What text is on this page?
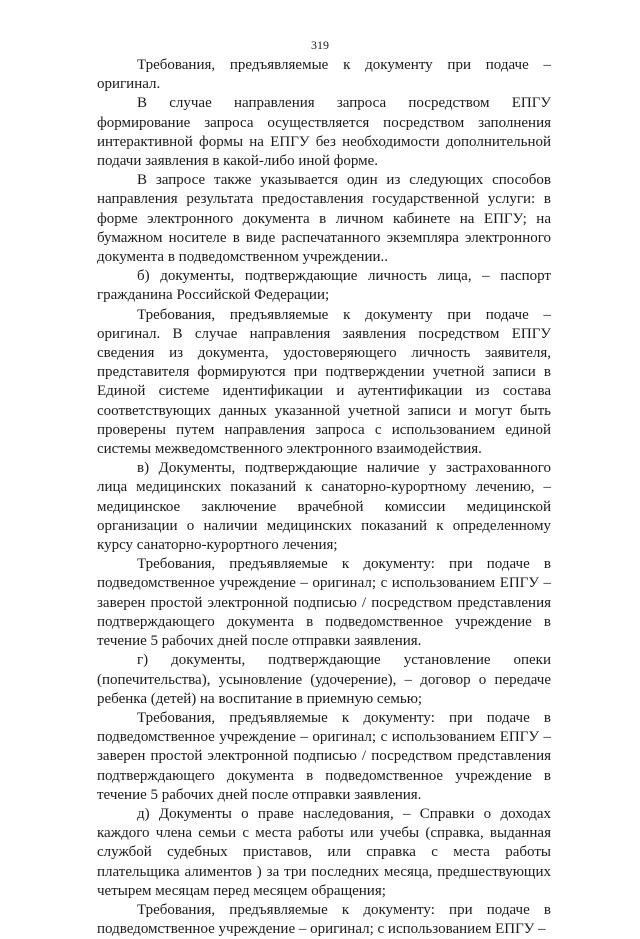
319

Требования, предъявляемые к документу при подаче – оригинал.

В случае направления запроса посредством ЕПГУ формирование запроса осуществляется посредством заполнения интерактивной формы на ЕПГУ без необходимости дополнительной подачи заявления в какой-либо иной форме.

В запросе также указывается один из следующих способов направления результата предоставления государственной услуги: в форме электронного документа в личном кабинете на ЕПГУ; на бумажном носителе в виде распечатанного экземпляра электронного документа в подведомственном учреждении..

б) документы, подтверждающие личность лица, – паспорт гражданина Российской Федерации;

Требования, предъявляемые к документу при подаче – оригинал. В случае направления заявления посредством ЕПГУ сведения из документа, удостоверяющего личность заявителя, представителя формируются при подтверждении учетной записи в Единой системе идентификации и аутентификации из состава соответствующих данных указанной учетной записи и могут быть проверены путем направления запроса с использованием единой системы межведомственного электронного взаимодействия.

в) Документы, подтверждающие наличие у застрахованного лица медицинских показаний к санаторно-курортному лечению, – медицинское заключение врачебной комиссии медицинской организации о наличии медицинских показаний к определенному курсу санаторно-курортного лечения;

Требования, предъявляемые к документу: при подаче в подведомственное учреждение – оригинал; с использованием ЕПГУ – заверен простой электронной подписью / посредством представления подтверждающего документа в подведомственное учреждение в течение 5 рабочих дней после отправки заявления.

г) документы, подтверждающие установление опеки (попечительства), усыновление (удочерение), – договор о передаче ребенка (детей) на воспитание в приемную семью;

Требования, предъявляемые к документу: при подаче в подведомственное учреждение – оригинал; с использованием ЕПГУ – заверен простой электронной подписью / посредством представления подтверждающего документа в подведомственное учреждение в течение 5 рабочих дней после отправки заявления.

д) Документы о праве наследования, – Справки о доходах каждого члена семьи с места работы или учебы (справка, выданная службой судебных приставов, или справка с места работы плательщика алиментов ) за три последних месяца, предшествующих четырем месяцам перед месяцем обращения;

Требования, предъявляемые к документу: при подаче в подведомственное учреждение – оригинал; с использованием ЕПГУ –
